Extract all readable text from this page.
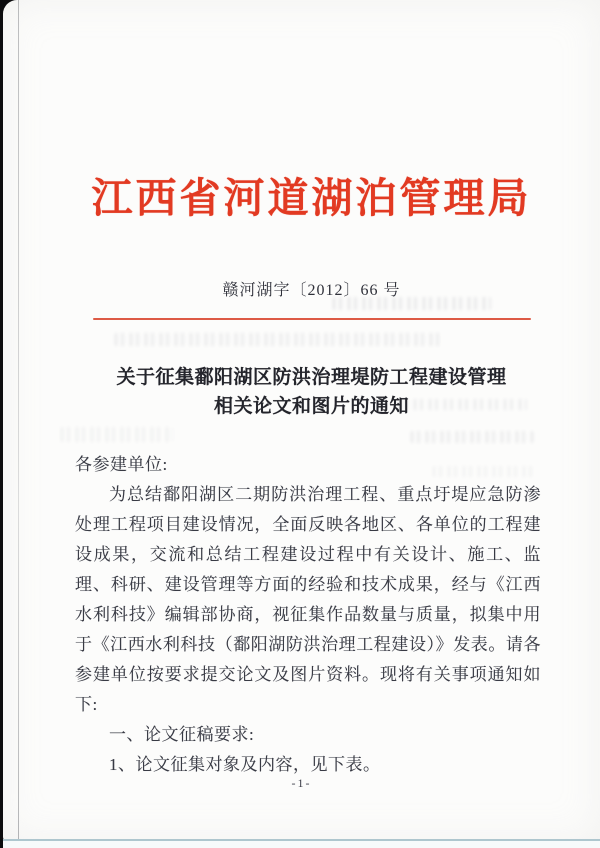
江西省河道湖泊管理局
赣河湖字〔2012〕66 号
关于征集鄱阳湖区防洪治理堤防工程建设管理
相关论文和图片的通知

各参建单位:

为总结鄱阳湖区二期防洪治理工程、重点圩堤应急防渗处理工程项目建设情况，全面反映各地区、各单位的工程建设成果，交流和总结工程建设过程中有关设计、施工、监理、科研、建设管理等方面的经验和技术成果，经与《江西水利科技》编辑部协商，视征集作品数量与质量，拟集中用于《江西水利科技（鄱阳湖防洪治理工程建设）》发表。请各参建单位按要求提交论文及图片资料。现将有关事项通知如下:

一、论文征稿要求:

1、论文征集对象及内容，见下表。

-1-
